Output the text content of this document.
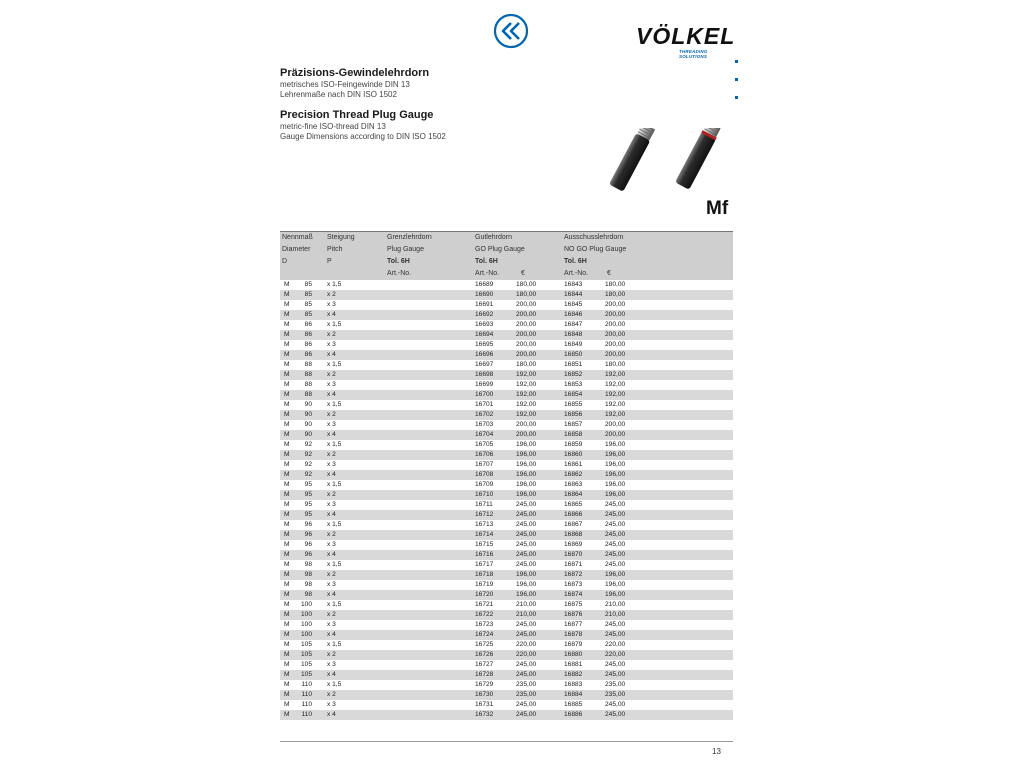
VÖLKEL
THREADING SOLUTIONS

Präzisions-Gewindelehrdorn

metrisches ISO-Feingewinde DIN 13

Lehrenmaße nach DIN ISO 1502

Precision Thread Plug Gauge

metric-fine ISO-thread DIN 13

Gauge Dimensions according to DIN ISO 1502

Mf
Nennmaß Steigung	Grenzlehrdorn	Gutlehrdorn	Ausschusslehrdorn
Diameter Pitch	Plug Gauge	GO Plug Gauge	NO GO Plug Gauge
D	P	Tol. 6H	Tol. 6H	Tol. 6H
Art.-No.	Art.-No.	€	Art.-No.	€
M	85 x 1,5	16689	180,00	16843	180,00
M	85 x 2	16690	180,00	16844	180,00
M	85 x 3	16691	200,00	16845	200,00
M	85 x 4	16692	200,00	16846	200,00
M	86 x 1,5	16693	200,00	16847	200,00
M	86 x 2	16694	200,00	16848	200,00
M	86 x 3	16695	200,00	16849	200,00
M	86 x 4	16696	200,00	16850	200,00
M	88 x 1,5	16697	180,00	16851	180,00
M	88 x 2	16698	192,00	16852	192,00
M	88 x 3	16699	192,00	16853	192,00
M	88 x 4	16700	192,00	16854	192,00
M	90 x 1,5	16701	192,00	16855	192,00
M	90 x 2	16702	192,00	16856	192,00
M	90 x 3	16703	200,00	16857	200,00
M	90 x 4	16704	200,00	16858	200,00
M	92 x 1,5	16705	196,00	16859	196,00
M	92 x 2	16706	196,00	16860	196,00
M	92 x 3	16707	196,00	16861	196,00
M	92 x 4	16708	196,00	16862	196,00
M	95 x 1,5	16709	196,00	16863	196,00
M	95 x 2	16710	196,00	16864	196,00
M	95 x 3	16711	245,00	16865	245,00
M	95 x 4	16712	245,00	16866	245,00
M	96 x 1,5	16713	245,00	16867	245,00
M	96 x 2	16714	245,00	16868	245,00
M	96 x 3	16715	245,00	16869	245,00
M	96 x 4	16716	245,00	16870	245,00
M	98 x 1,5	16717	245,00	16871	245,00
M	98 x 2	16718	196,00	16872	196,00
M	98 x 3	16719	196,00	16873	196,00
M	98 x 4	16720	196,00	16874	196,00
M	100 x 1,5	16721	210,00	16875	210,00
M	100 x 2	16722	210,00	16876	210,00
M	100 x 3	16723	245,00	16877	245,00
M	100 x 4	16724	245,00	16878	245,00
M	105 x 1,5	16725	220,00	16879	220,00
M	105 x 2	16726	220,00	16880	220,00
M	105 x 3	16727	245,00	16881	245,00
M	105 x 4	16728	245,00	16882	245,00
M	110 x 1,5	16729	235,00	16883	235,00
M	110 x 2	16730	235,00	16884	235,00
M	110 x 3	16731	245,00	16885	245,00
M	110 x 4	16732	245,00	16886	245,00
13
